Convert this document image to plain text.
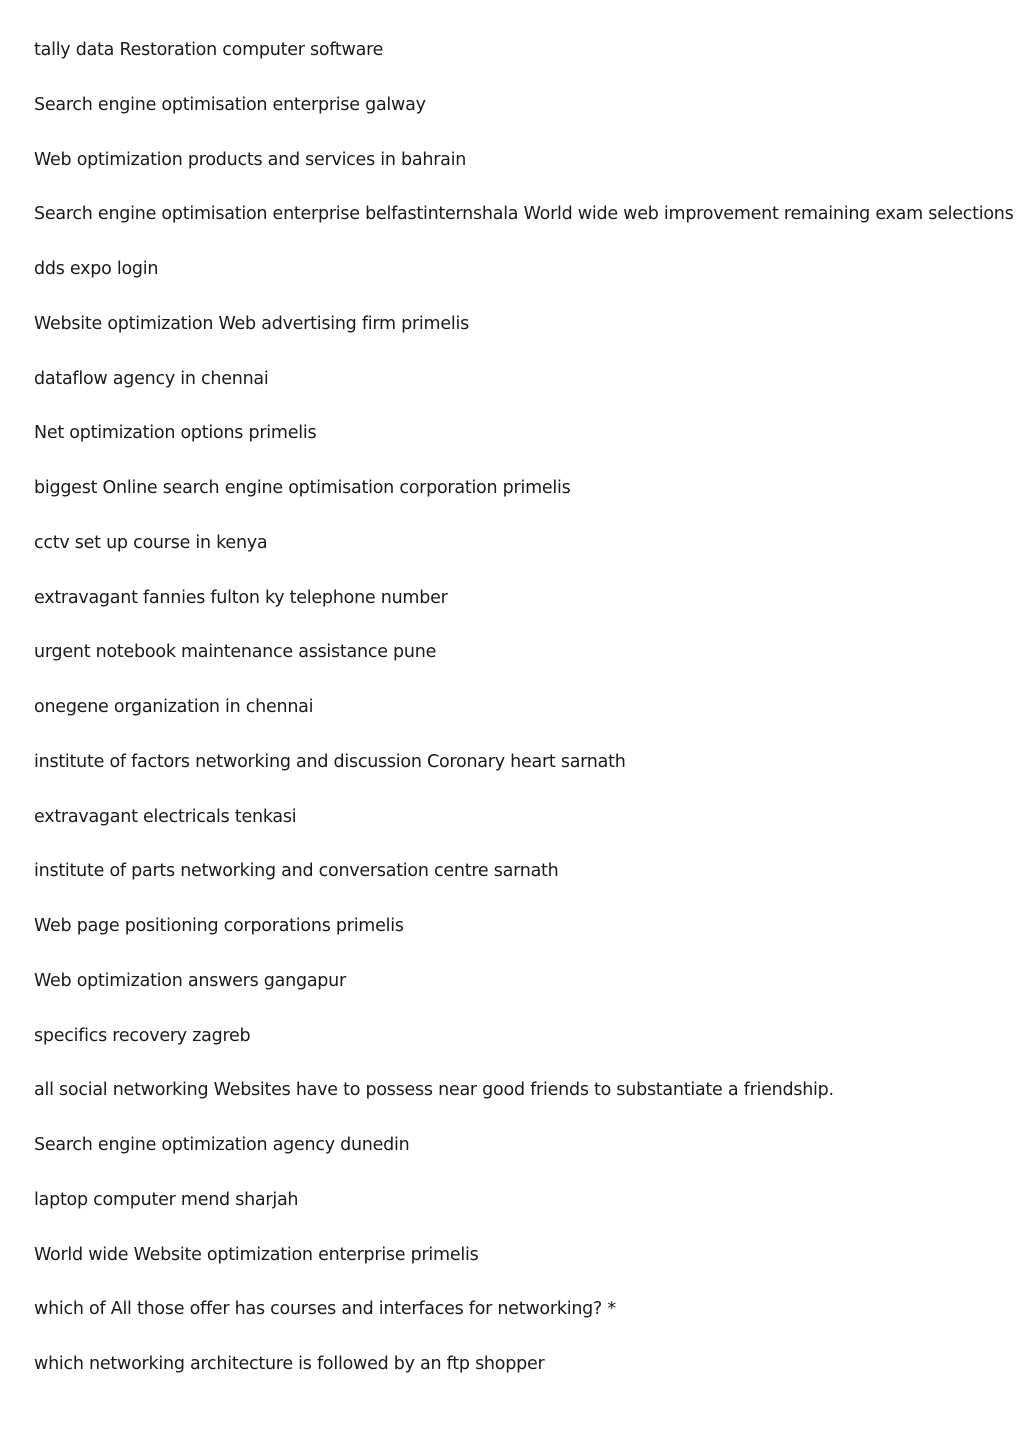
tally data Restoration computer software
Search engine optimisation enterprise galway
Web optimization products and services in bahrain
Search engine optimisation enterprise belfastinternshala World wide web improvement remaining exam selections
dds expo login
Website optimization Web advertising firm primelis
dataflow agency in chennai
Net optimization options primelis
biggest Online search engine optimisation corporation primelis
cctv set up course in kenya
extravagant fannies fulton ky telephone number
urgent notebook maintenance assistance pune
onegene organization in chennai
institute of factors networking and discussion Coronary heart sarnath
extravagant electricals tenkasi
institute of parts networking and conversation centre sarnath
Web page positioning corporations primelis
Web optimization answers gangapur
specifics recovery zagreb
all social networking Websites have to possess near good friends to substantiate a friendship.
Search engine optimization agency dunedin
laptop computer mend sharjah
World wide Website optimization enterprise primelis
which of All those offer has courses and interfaces for networking? *
which networking architecture is followed by an ftp shopper
